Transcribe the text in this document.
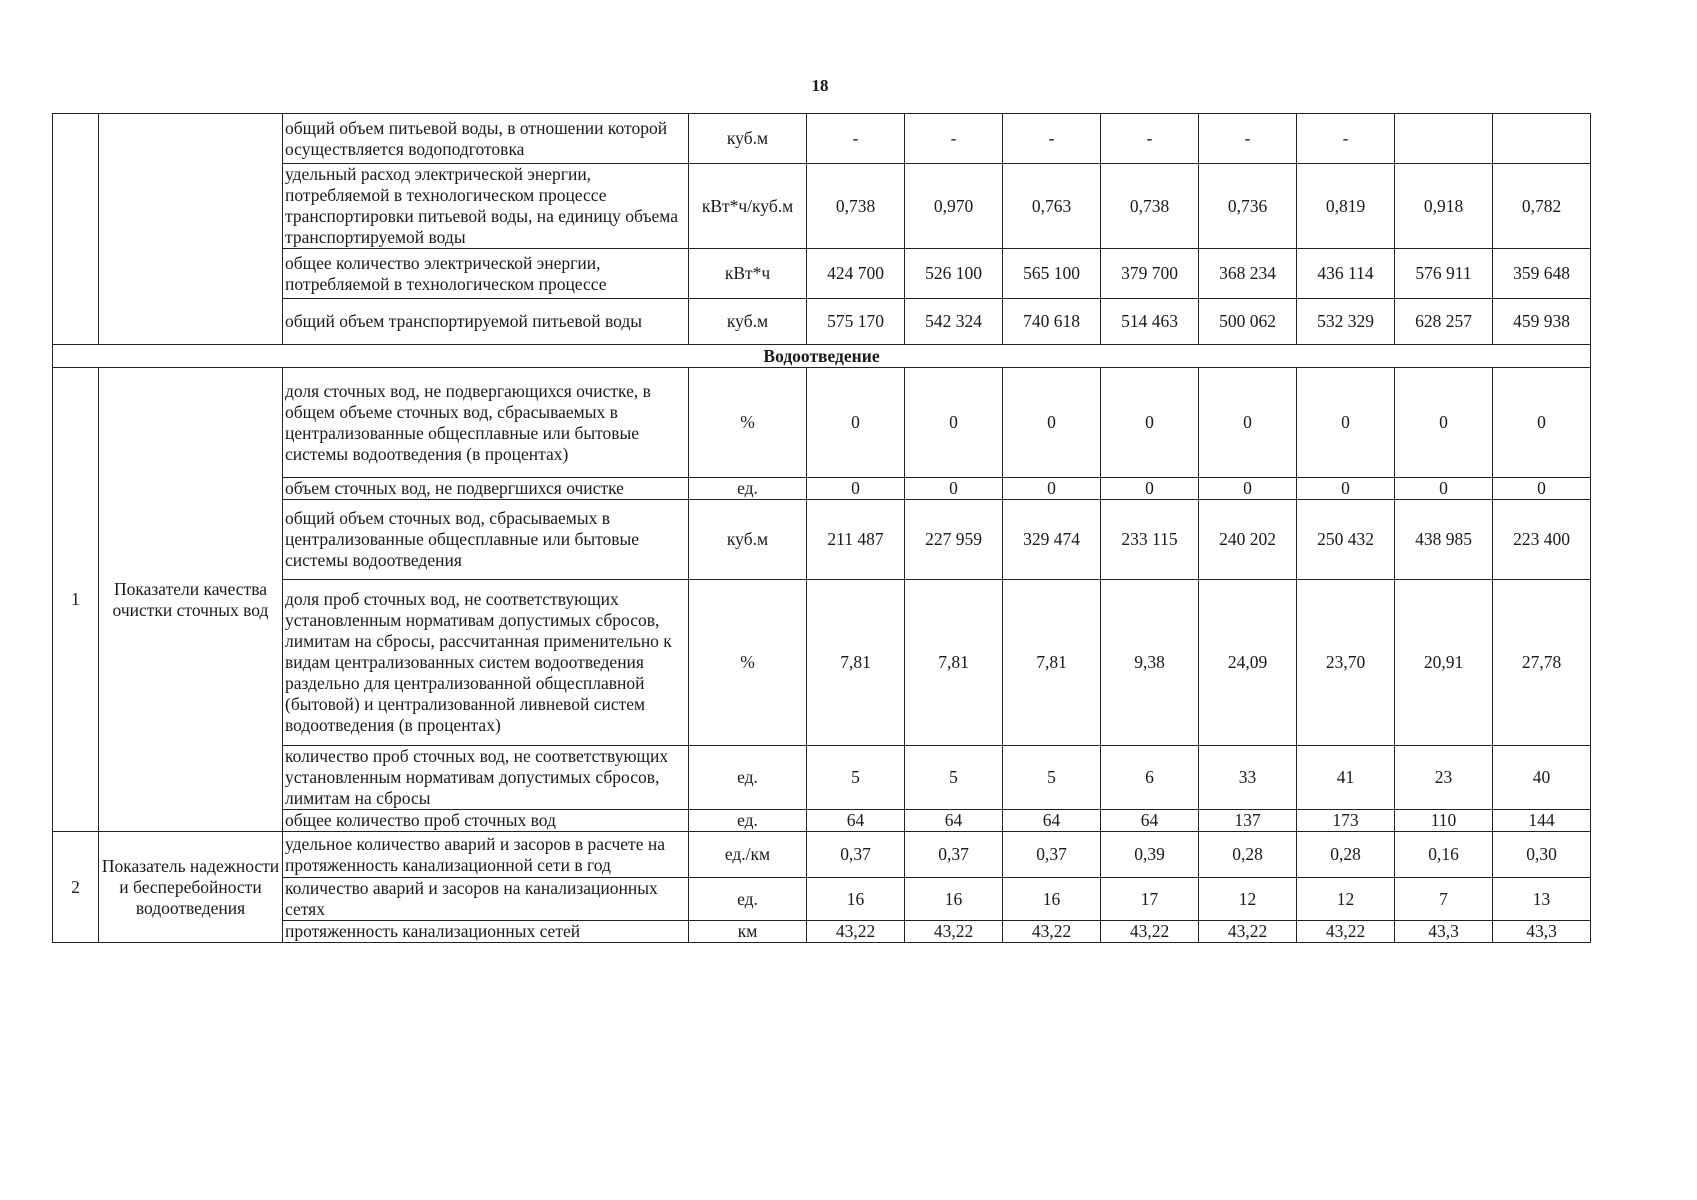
18
		общий объем питьевой воды, в отношении которой осуществляется водоподготовка	куб.м	-	-	-	-	-	-		
		удельный расход электрической энергии, потребляемой в технологическом процессе транспортировки питьевой воды, на единицу объема транспортируемой воды	кВт*ч/куб.м	0,738	0,970	0,763	0,738	0,736	0,819	0,918	0,782
		общее количество электрической энергии, потребляемой в технологическом процессе	кВт*ч	424 700	526 100	565 100	379 700	368 234	436 114	576 911	359 648
		общий объем транспортируемой питьевой воды	куб.м	575 170	542 324	740 618	514 463	500 062	532 329	628 257	459 938
Водоотведение											
1	Показатели качества очистки сточных вод	доля сточных вод, не подвергающихся очистке, в общем объеме сточных вод, сбрасываемых в централизованные общесплавные или бытовые системы водоотведения (в процентах)	%	0	0	0	0	0	0	0	0
		объем сточных вод, не подвергшихся очистке	ед.	0	0	0	0	0	0	0	0
		общий объем сточных вод, сбрасываемых в централизованные общесплавные или бытовые системы водоотведения	куб.м	211 487	227 959	329 474	233 115	240 202	250 432	438 985	223 400
		доля проб сточных вод, не соответствующих установленным нормативам допустимых сбросов, лимитам на сбросы, рассчитанная применительно к видам централизованных систем водоотведения раздельно для централизованной общесплавной (бытовой) и централизованной ливневой систем водоотведения (в процентах)	%	7,81	7,81	7,81	9,38	24,09	23,70	20,91	27,78
		количество проб сточных вод, не соответствующих установленным нормативам допустимых сбросов, лимитам на сбросы	ед.	5	5	5	6	33	41	23	40
		общее количество проб сточных вод	ед.	64	64	64	64	137	173	110	144
2	Показатель надежности и бесперебойности водоотведения	удельное количество аварий и засоров в расчете на протяженность канализационной сети в год	ед./км	0,37	0,37	0,37	0,39	0,28	0,28	0,16	0,30
		количество аварий и засоров на канализационных сетях	ед.	16	16	16	17	12	12	7	13
		протяженность канализационных сетей	км	43,22	43,22	43,22	43,22	43,22	43,22	43,3	43,3
